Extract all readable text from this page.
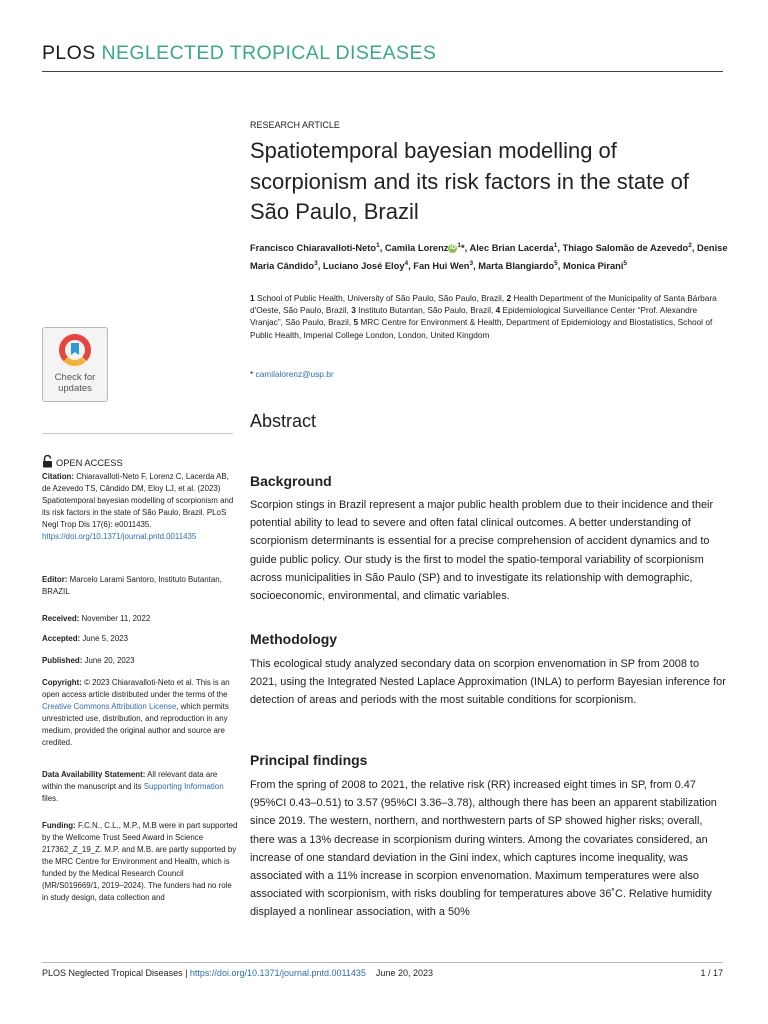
PLOS NEGLECTED TROPICAL DISEASES
Check for
updates
OPEN ACCESS
Citation: Chiaravalloti-Neto F, Lorenz C, Lacerda AB, de Azevedo TS, Cândido DM, Eloy LJ, et al. (2023) Spatiotemporal bayesian modelling of scorpionism and its risk factors in the state of São Paulo, Brazil. PLoS Negl Trop Dis 17(6): e0011435. https://doi.org/10.1371/journal.pntd.0011435
Editor: Marcelo Larami Santoro, Instituto Butantan, BRAZIL
Received: November 11, 2022
Accepted: June 5, 2023
Published: June 20, 2023
Copyright: © 2023 Chiaravalloti-Neto et al. This is an open access article distributed under the terms of the Creative Commons Attribution License, which permits unrestricted use, distribution, and reproduction in any medium, provided the original author and source are credited.
Data Availability Statement: All relevant data are within the manuscript and its Supporting Information files.
Funding: F.C.N., C.L., M.P., M.B were in part supported by the Wellcome Trust Seed Award in Science 217362_Z_19_Z. M.P. and M.B. are partly supported by the MRC Centre for Environment and Health, which is funded by the Medical Research Council (MR/S019669/1, 2019–2024). The funders had no role in study design, data collection and
RESEARCH ARTICLE
Spatiotemporal bayesian modelling of scorpionism and its risk factors in the state of São Paulo, Brazil
Francisco Chiaravalloti-Neto$^1$, Camila Lorenz iD $^1$*, Alec Brian Lacerda$^1$, Thiago Salomão de Azevedo$^2$, Denise Maria Cândido$^3$, Luciano José Eloy$^4$, Fan Hui Wen$^3$, Marta Blangiardo$^5$, Monica Pirani$^5$
1 School of Public Health, University of São Paulo, São Paulo, Brazil, 2 Health Department of the Municipality of Santa Bárbara d'Oeste, São Paulo, Brazil, 3 Instituto Butantan, São Paulo, Brazil, 4 Epidemiological Surveillance Center “Prof. Alexandre Vranjac”, São Paulo, Brazil, 5 MRC Centre for Environment & Health, Department of Epidemiology and Biostatistics, School of Public Health, Imperial College London, London, United Kingdom
* camilalorenz@usp.br
Abstract
Background
Scorpion stings in Brazil represent a major public health problem due to their incidence and their potential ability to lead to severe and often fatal clinical outcomes. A better understanding of scorpionism determinants is essential for a precise comprehension of accident dynamics and to guide public policy. Our study is the first to model the spatio-temporal variability of scorpionism across municipalities in São Paulo (SP) and to investigate its relationship with demographic, socioeconomic, environmental, and climatic variables.
Methodology
This ecological study analyzed secondary data on scorpion envenomation in SP from 2008 to 2021, using the Integrated Nested Laplace Approximation (INLA) to perform Bayesian inference for detection of areas and periods with the most suitable conditions for scorpionism.
Principal findings
From the spring of 2008 to 2021, the relative risk (RR) increased eight times in SP, from 0.47 (95%CI 0.43–0.51) to 3.57 (95%CI 3.36–3.78), although there has been an apparent stabilization since 2019. The western, northern, and northwestern parts of SP showed higher risks; overall, there was a 13% decrease in scorpionism during winters. Among the covariates considered, an increase of one standard deviation in the Gini index, which captures income inequality, was associated with a 11% increase in scorpion envenomation. Maximum temperatures were also associated with scorpionism, with risks doubling for temperatures above 36˚C. Relative humidity displayed a nonlinear association, with a 50%
PLOS Neglected Tropical Diseases | https://doi.org/10.1371/journal.pntd.0011435 June 20, 2023	1 / 17
